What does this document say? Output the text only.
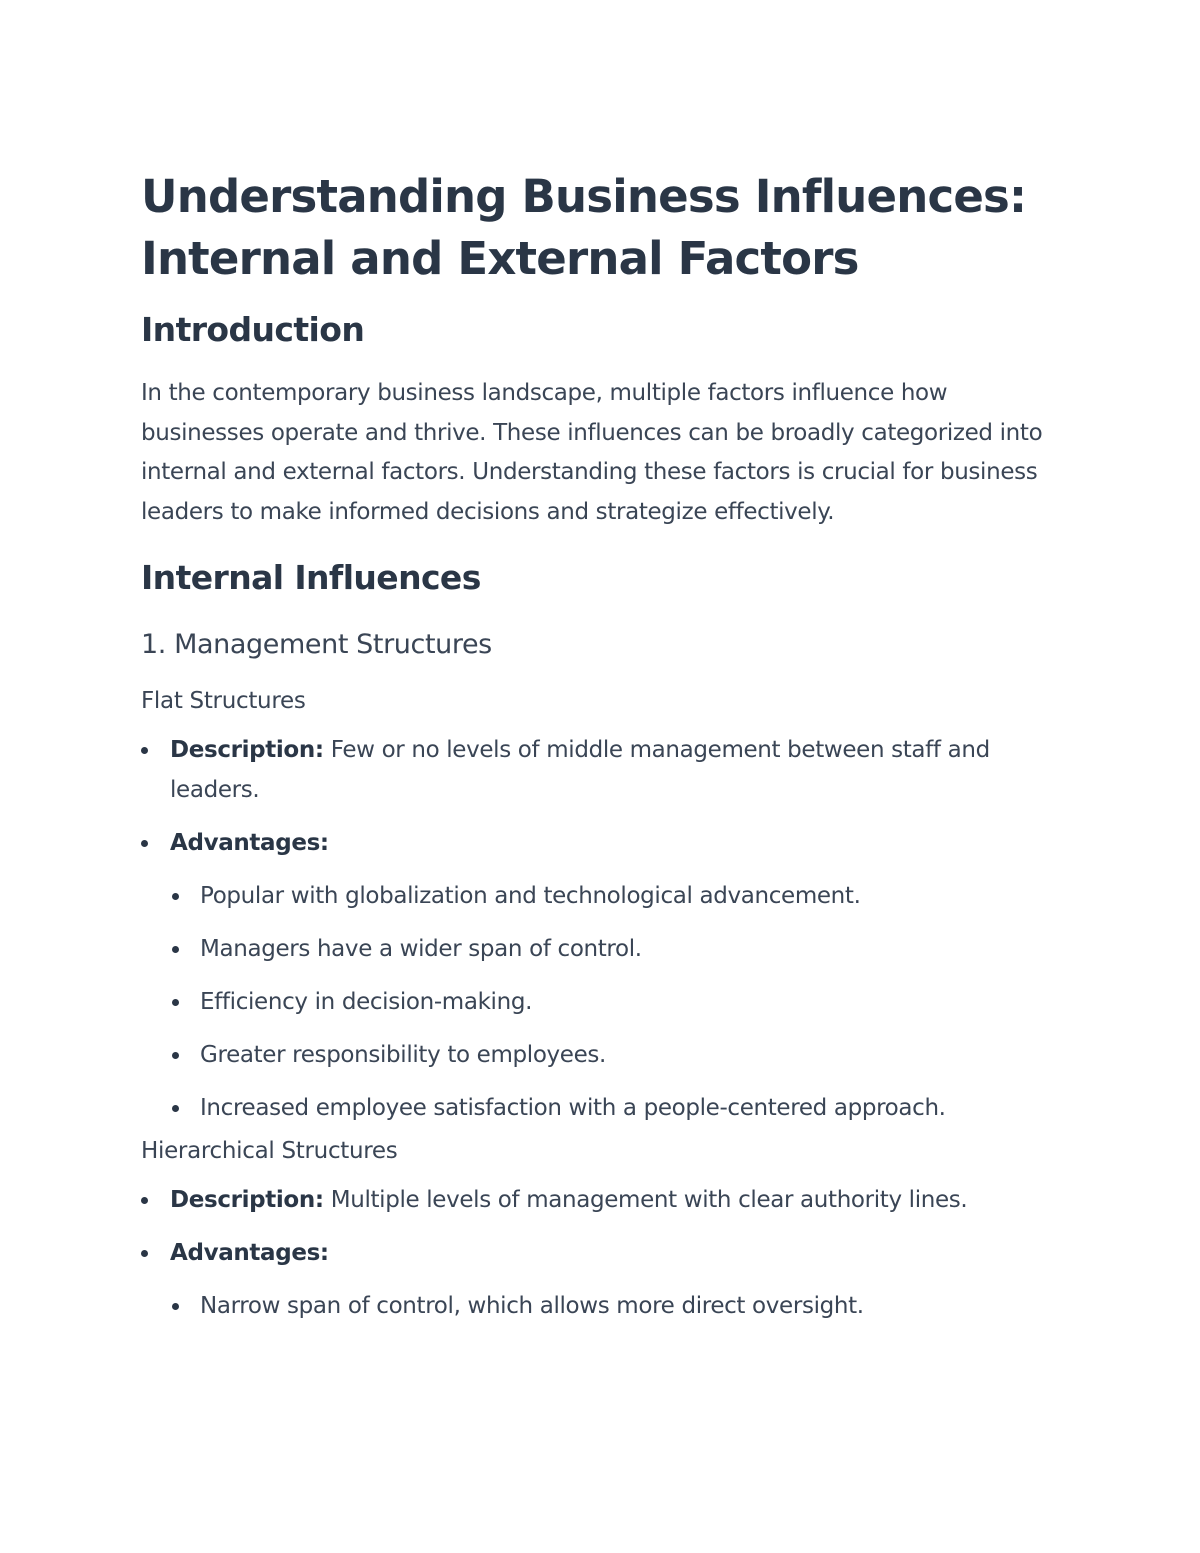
Understanding Business Influences: Internal and External Factors
Introduction

In the contemporary business landscape, multiple factors influence how businesses operate and thrive. These influences can be broadly categorized into internal and external factors. Understanding these factors is crucial for business leaders to make informed decisions and strategize effectively.

Internal Influences
1. Management Structures
Flat Structures
Description: Few or no levels of middle management between staff and leaders.
Advantages:
Popular with globalization and technological advancement.
Managers have a wider span of control.
Efficiency in decision-making.
Greater responsibility to employees.
Increased employee satisfaction with a people-centered approach.
Hierarchical Structures
Description: Multiple levels of management with clear authority lines.
Advantages:
Narrow span of control, which allows more direct oversight.
